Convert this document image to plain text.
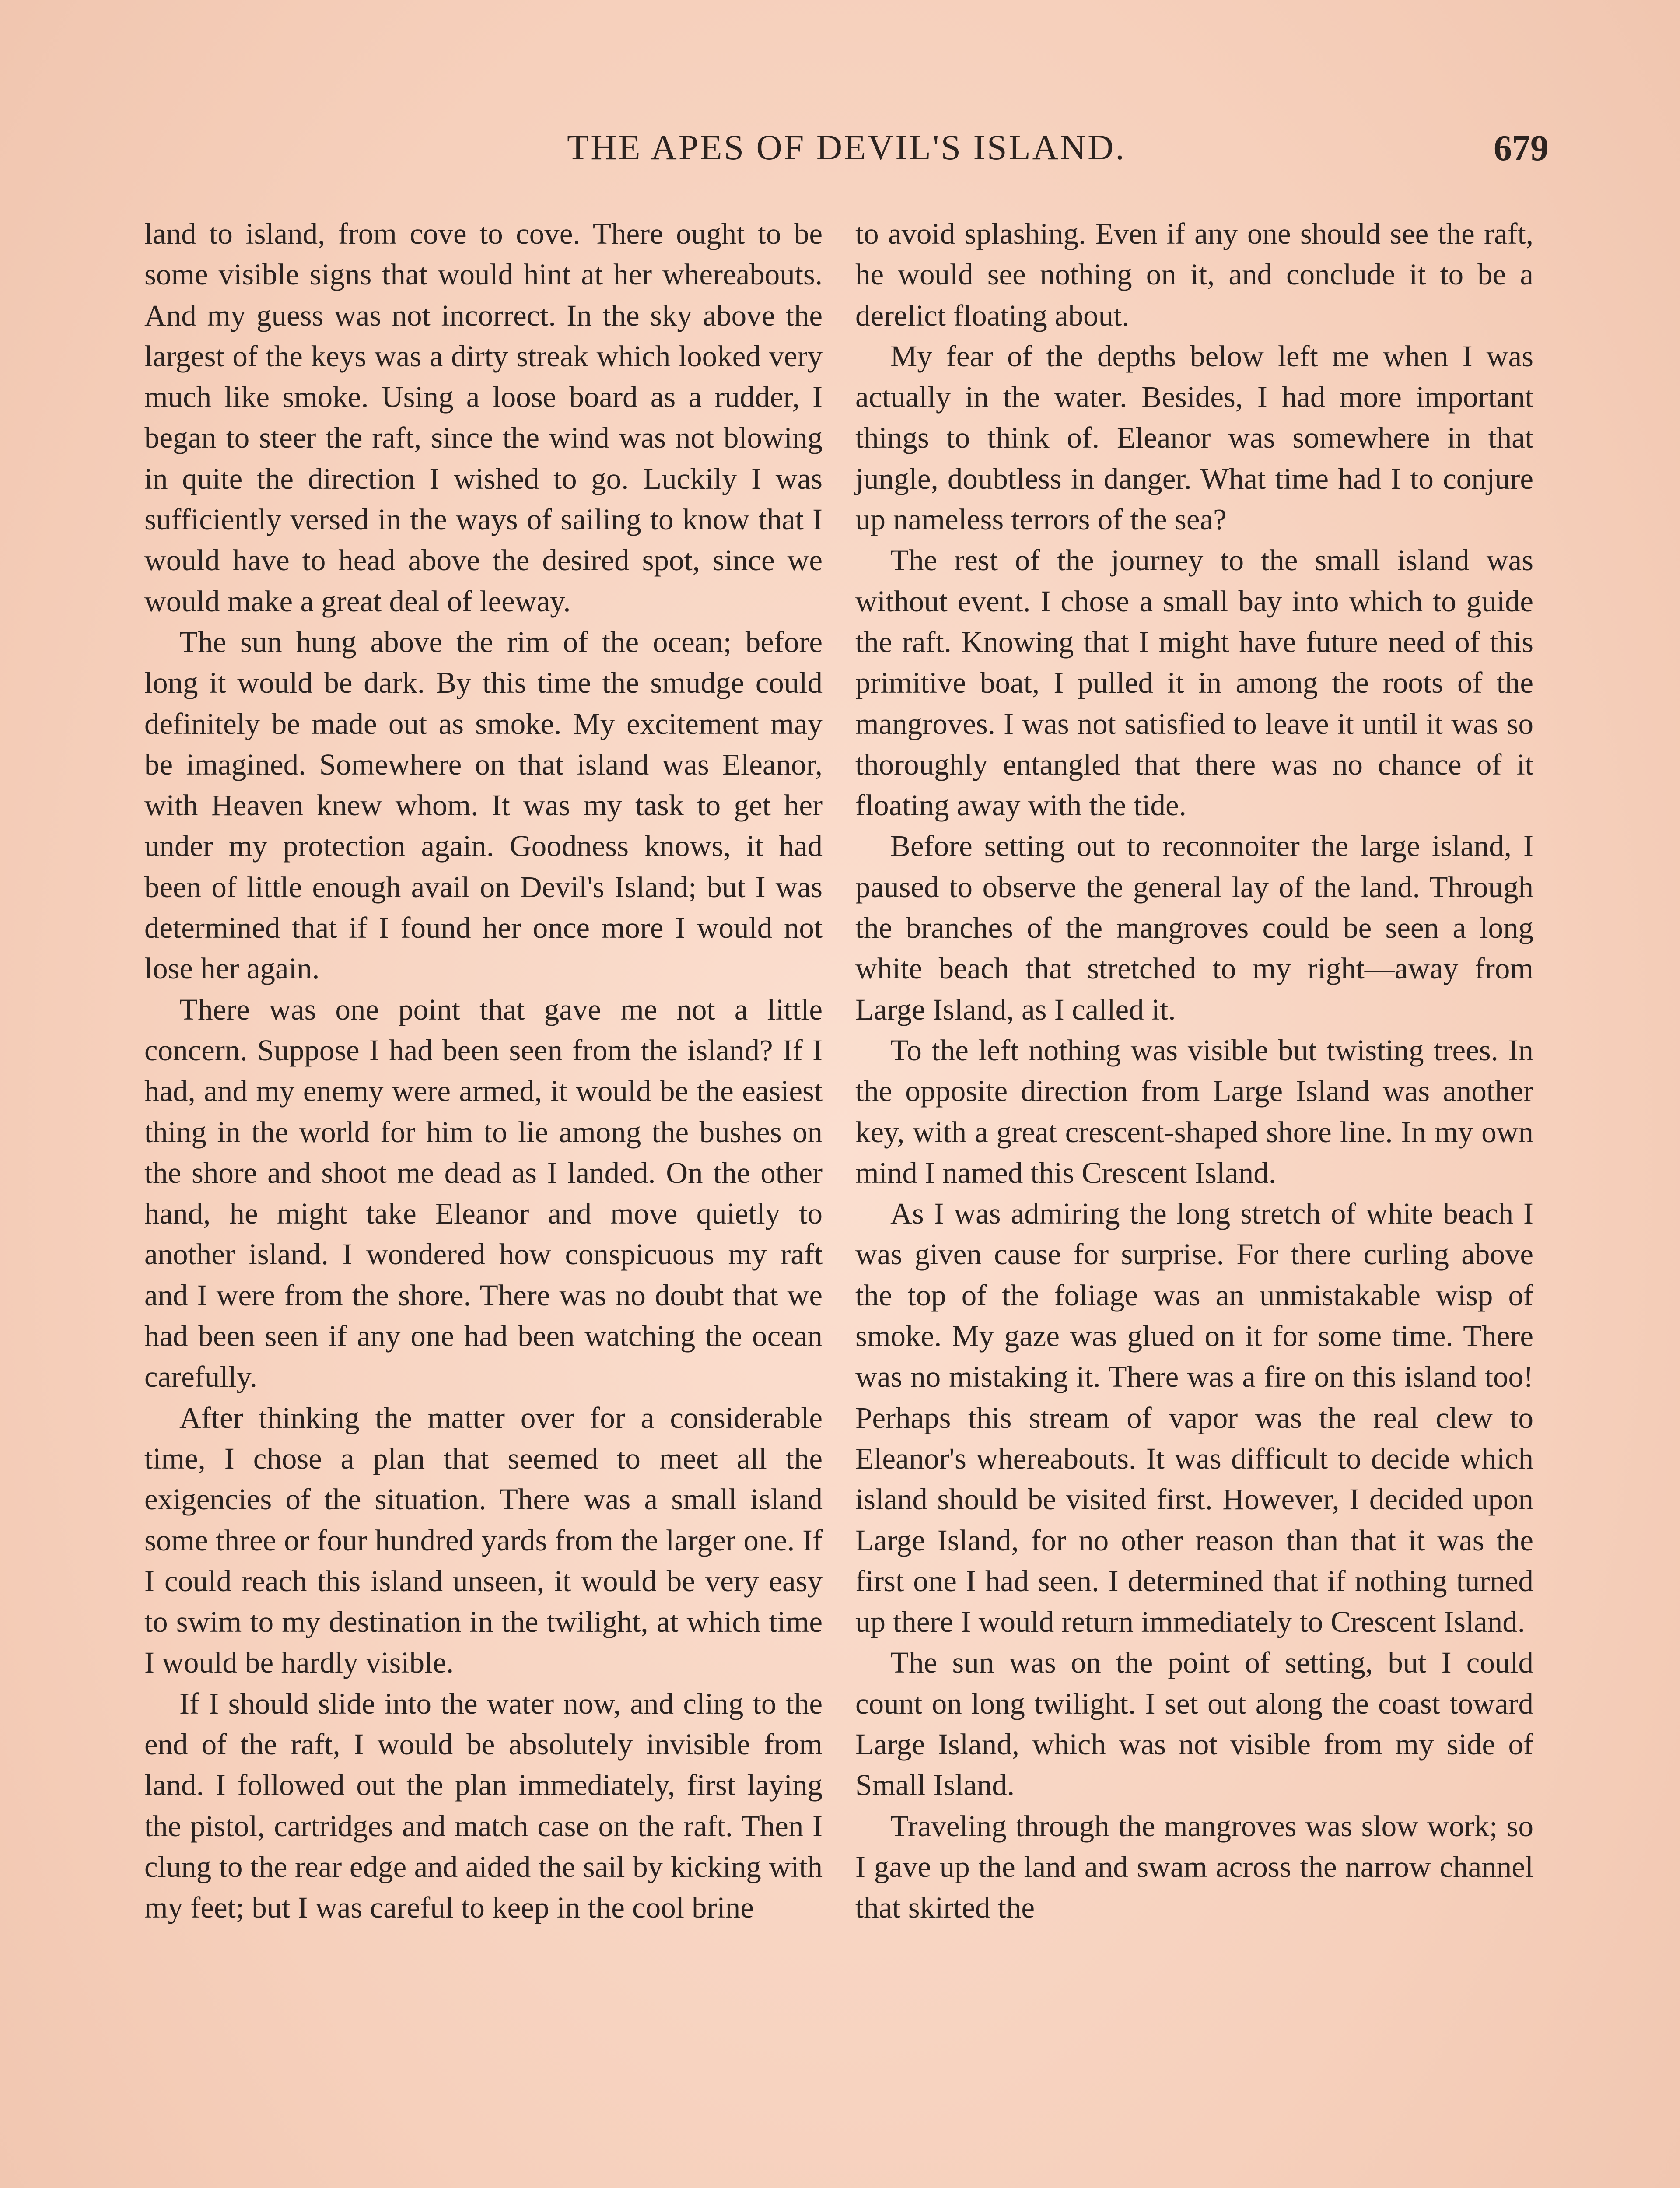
THE APES OF DEVIL'S ISLAND.	679

land to island, from cove to cove. There ought to be some visible signs that would hint at her whereabouts. And my guess was not incorrect. In the sky above the largest of the keys was a dirty streak which looked very much like smoke. Using a loose board as a rudder, I began to steer the raft, since the wind was not blowing in quite the direction I wished to go. Luckily I was sufficiently versed in the ways of sailing to know that I would have to head above the desired spot, since we would make a great deal of leeway.

The sun hung above the rim of the ocean; before long it would be dark. By this time the smudge could definitely be made out as smoke. My excitement may be imagined. Somewhere on that island was Eleanor, with Heaven knew whom. It was my task to get her under my protection again. Goodness knows, it had been of little enough avail on Devil's Island; but I was determined that if I found her once more I would not lose her again.

There was one point that gave me not a little concern. Suppose I had been seen from the island? If I had, and my enemy were armed, it would be the easiest thing in the world for him to lie among the bushes on the shore and shoot me dead as I landed. On the other hand, he might take Eleanor and move quietly to another island. I wondered how conspicuous my raft and I were from the shore. There was no doubt that we had been seen if any one had been watching the ocean carefully.

After thinking the matter over for a considerable time, I chose a plan that seemed to meet all the exigencies of the situation. There was a small island some three or four hundred yards from the larger one. If I could reach this island unseen, it would be very easy to swim to my destination in the twilight, at which time I would be hardly visible.

If I should slide into the water now, and cling to the end of the raft, I would be absolutely invisible from land. I followed out the plan immediately, first laying the pistol, cartridges and match case on the raft. Then I clung to the rear edge and aided the sail by kicking with my feet; but I was careful to keep in the cool brine

to avoid splashing. Even if any one should see the raft, he would see nothing on it, and conclude it to be a derelict floating about.

My fear of the depths below left me when I was actually in the water. Besides, I had more important things to think of. Eleanor was somewhere in that jungle, doubtless in danger. What time had I to conjure up nameless terrors of the sea?

The rest of the journey to the small island was without event. I chose a small bay into which to guide the raft. Knowing that I might have future need of this primitive boat, I pulled it in among the roots of the mangroves. I was not satisfied to leave it until it was so thoroughly entangled that there was no chance of it floating away with the tide.

Before setting out to reconnoiter the large island, I paused to observe the general lay of the land. Through the branches of the mangroves could be seen a long white beach that stretched to my right—away from Large Island, as I called it.

To the left nothing was visible but twisting trees. In the opposite direction from Large Island was another key, with a great crescent-shaped shore line. In my own mind I named this Crescent Island.

As I was admiring the long stretch of white beach I was given cause for surprise. For there curling above the top of the foliage was an unmistakable wisp of smoke. My gaze was glued on it for some time. There was no mistaking it. There was a fire on this island too! Perhaps this stream of vapor was the real clew to Eleanor's whereabouts. It was difficult to decide which island should be visited first. However, I decided upon Large Island, for no other reason than that it was the first one I had seen. I determined that if nothing turned up there I would return immediately to Crescent Island.

The sun was on the point of setting, but I could count on long twilight. I set out along the coast toward Large Island, which was not visible from my side of Small Island.

Traveling through the mangroves was slow work; so I gave up the land and swam across the narrow channel that skirted the
